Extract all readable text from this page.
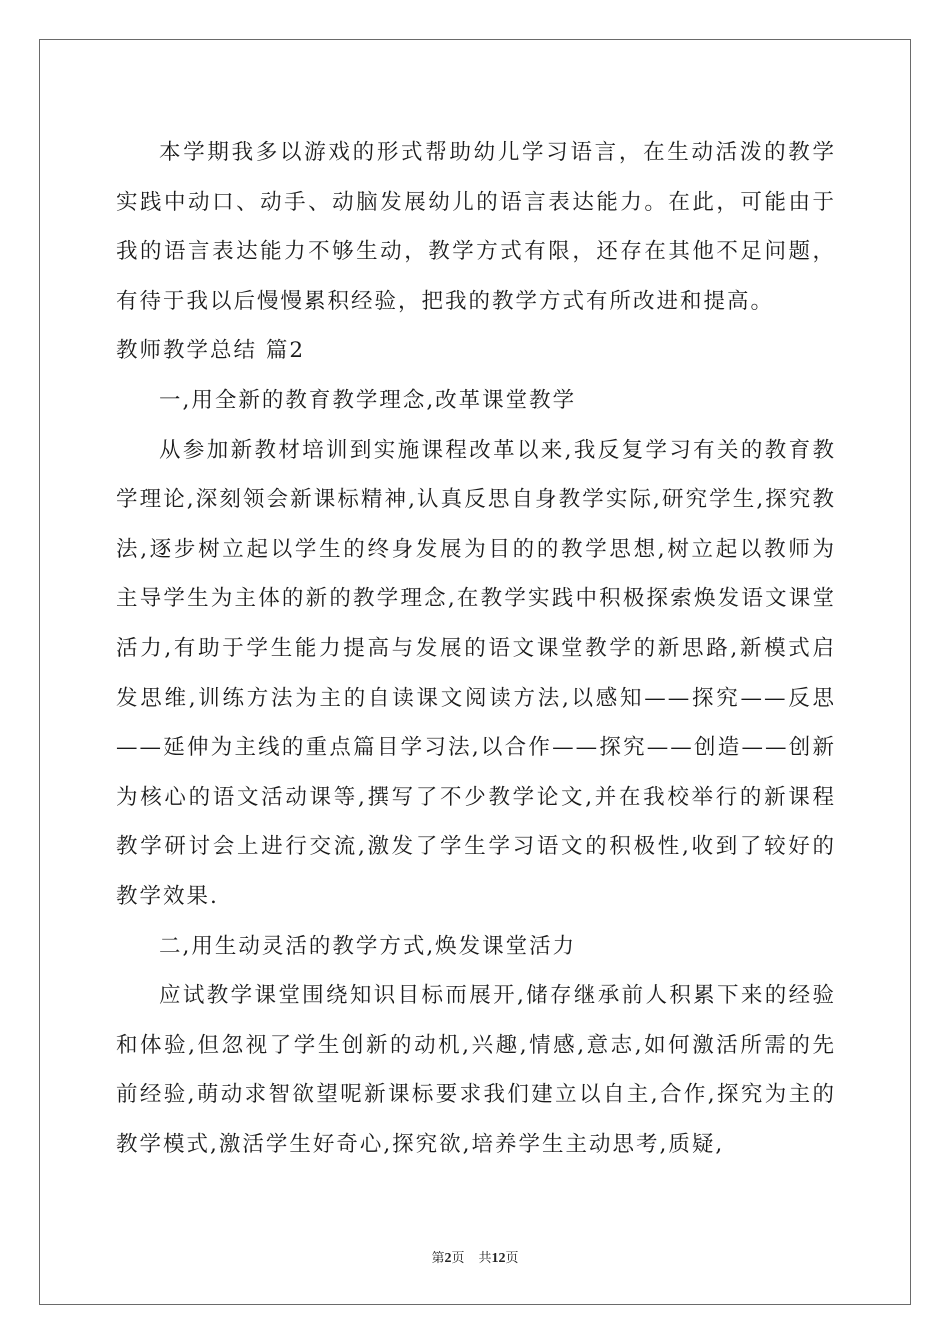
本学期我多以游戏的形式帮助幼儿学习语言，在生动活泼的教学实践中动口、动手、动脑发展幼儿的语言表达能力。在此，可能由于我的语言表达能力不够生动，教学方式有限，还存在其他不足问题，有待于我以后慢慢累积经验，把我的教学方式有所改进和提高。

教师教学总结 篇2

一,用全新的教育教学理念,改革课堂教学

从参加新教材培训到实施课程改革以来,我反复学习有关的教育教学理论,深刻领会新课标精神,认真反思自身教学实际,研究学生,探究教法,逐步树立起以学生的终身发展为目的的教学思想,树立起以教师为主导学生为主体的新的教学理念,在教学实践中积极探索焕发语文课堂活力,有助于学生能力提高与发展的语文课堂教学的新思路,新模式启发思维,训练方法为主的自读课文阅读方法,以感知——探究——反思——延伸为主线的重点篇目学习法,以合作——探究——创造——创新为核心的语文活动课等,撰写了不少教学论文,并在我校举行的新课程教学研讨会上进行交流,激发了学生学习语文的积极性,收到了较好的教学效果.

二,用生动灵活的教学方式,焕发课堂活力

应试教学课堂围绕知识目标而展开,储存继承前人积累下来的经验和体验,但忽视了学生创新的动机,兴趣,情感,意志,如何激活所需的先前经验,萌动求智欲望呢新课标要求我们建立以自主,合作,探究为主的教学模式,激活学生好奇心,探究欲,培养学生主动思考,质疑,

第2页 共12页
